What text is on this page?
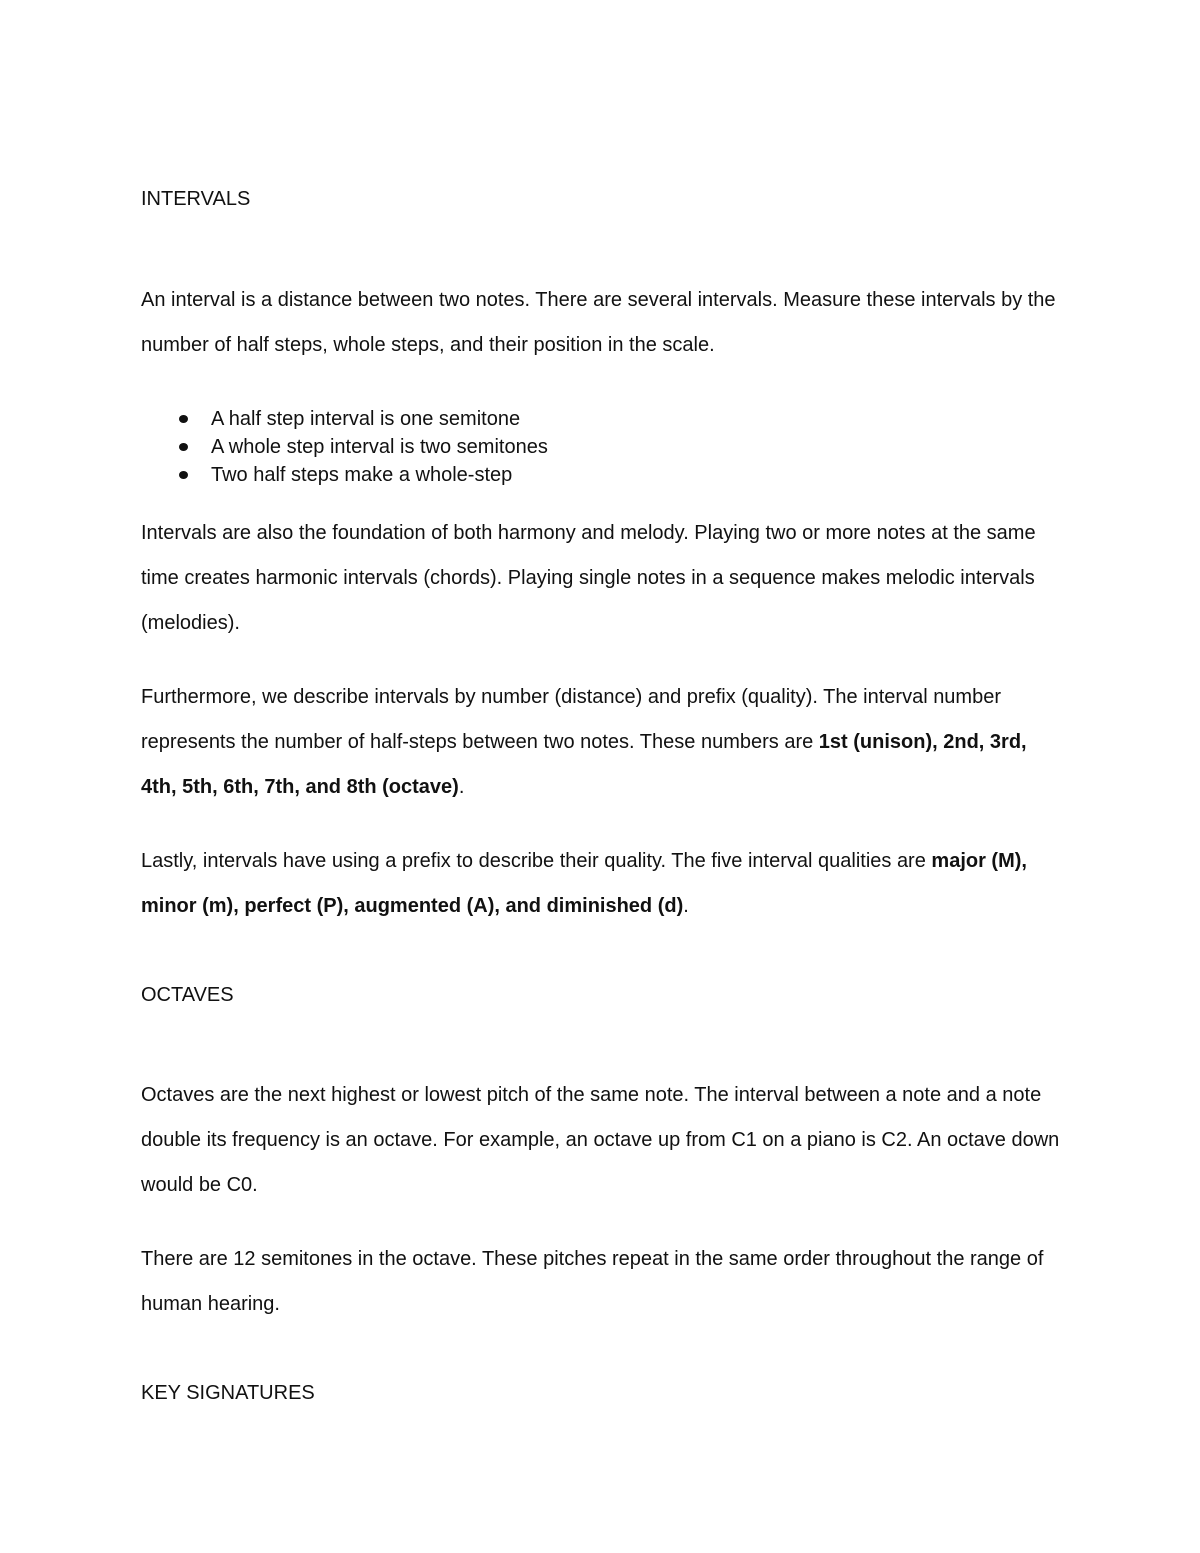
INTERVALS

An interval is a distance between two notes. There are several intervals. Measure these intervals by the number of half steps, whole steps, and their position in the scale.

A half step interval is one semitone
A whole step interval is two semitones
Two half steps make a whole-step

Intervals are also the foundation of both harmony and melody. Playing two or more notes at the same time creates harmonic intervals (chords). Playing single notes in a sequence makes melodic intervals (melodies).

Furthermore, we describe intervals by number (distance) and prefix (quality). The interval number represents the number of half-steps between two notes. These numbers are 1st (unison), 2nd, 3rd, 4th, 5th, 6th, 7th, and 8th (octave).

Lastly, intervals have using a prefix to describe their quality. The five interval qualities are major (M), minor (m), perfect (P), augmented (A), and diminished (d).

OCTAVES

Octaves are the next highest or lowest pitch of the same note. The interval between a note and a note double its frequency is an octave. For example, an octave up from C1 on a piano is C2. An octave down would be C0.

There are 12 semitones in the octave. These pitches repeat in the same order throughout the range of human hearing.

KEY SIGNATURES
